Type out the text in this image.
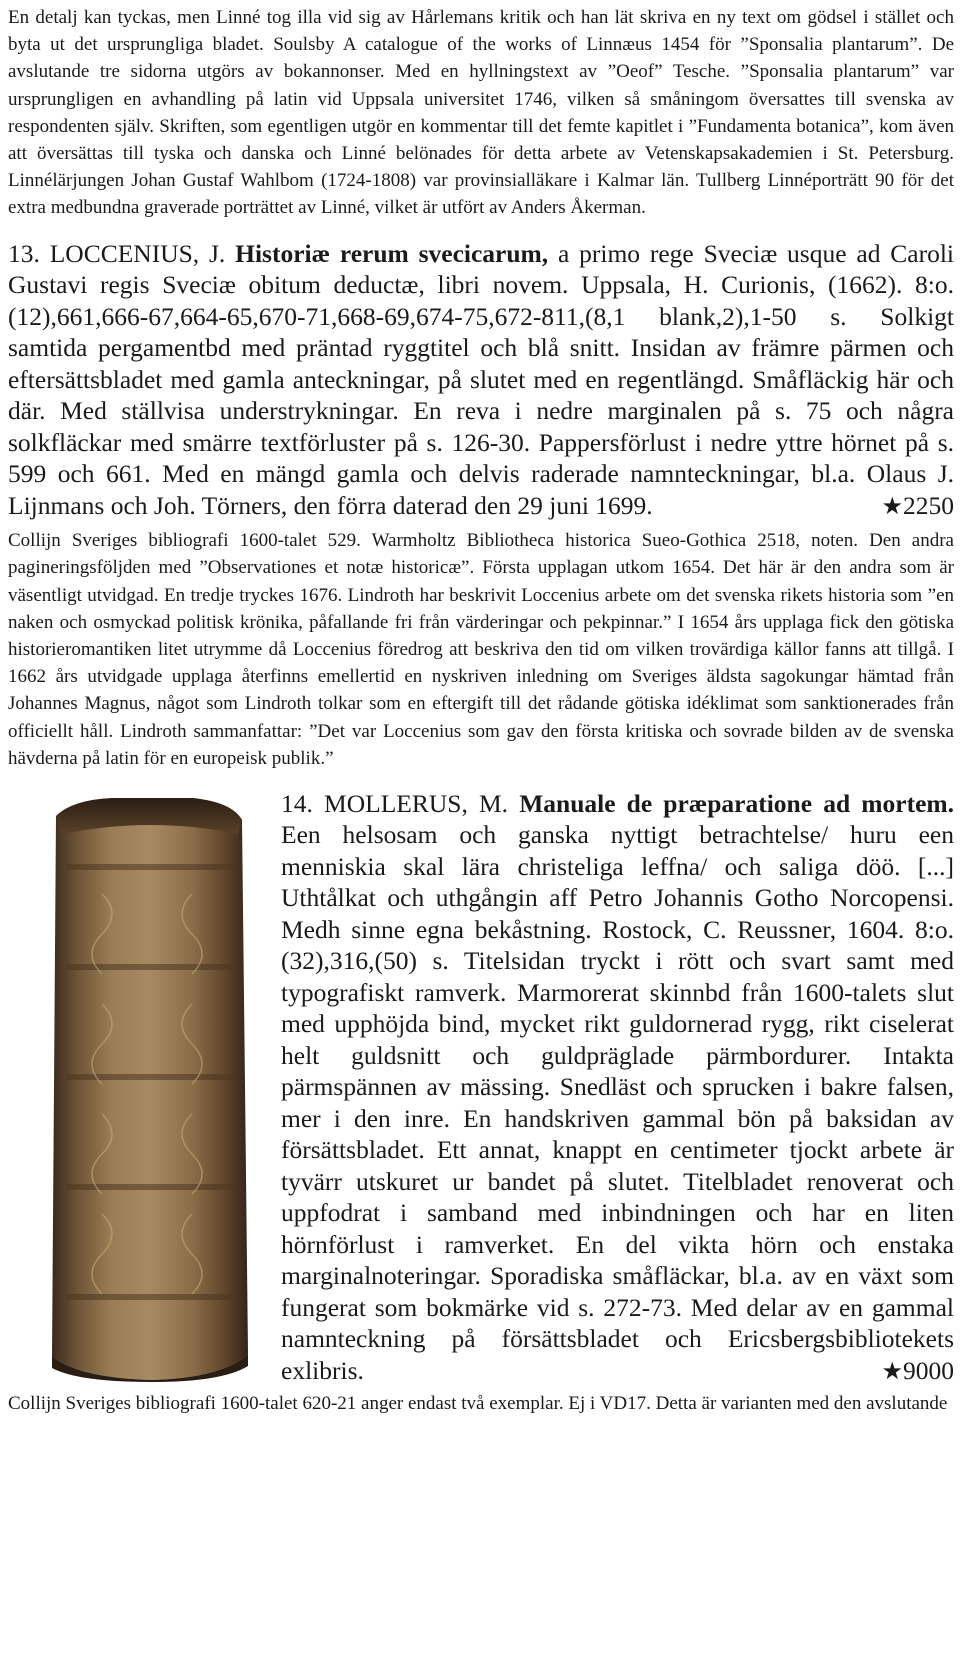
En detalj kan tyckas, men Linné tog illa vid sig av Hårlemans kritik och han lät skriva en ny text om gödsel i stället och byta ut det ursprungliga bladet. Soulsby A catalogue of the works of Linnæus 1454 för ”Sponsalia plantarum”. De avslutande tre sidorna utgörs av bokannonser. Med en hyllningstext av ”Oeof” Tesche. ”Sponsalia plantarum” var ursprungligen en avhandling på latin vid Uppsala universitet 1746, vilken så småningom översattes till svenska av respondenten själv. Skriften, som egentligen utgör en kommentar till det femte kapitlet i ”Fundamenta botanica”, kom även att översättas till tyska och danska och Linné belönades för detta arbete av Vetenskapsakademien i St. Petersburg. Linnélärjungen Johan Gustaf Wahlbom (1724-1808) var provinsialläkare i Kalmar län. Tullberg Linnéporträtt 90 för det extra medbundna graverade porträttet av Linné, vilket är utfört av Anders Åkerman.

13. LOCCENIUS, J. Historiæ rerum svecicarum, a primo rege Sveciæ usque ad Caroli Gustavi regis Sveciæ obitum deductæ, libri novem. Uppsala, H. Curionis, (1662). 8:o. (12),661,666-67,664-65,670-71,668-69,674-75,672-811,(8,1 blank,2),1-50 s. Solkigt samtida pergamentbd med präntad ryggtitel och blå snitt. Insidan av främre pärmen och eftersättsbladet med gamla anteckningar, på slutet med en regentlängd. Småfläckig här och där. Med ställvisa understrykningar. En reva i nedre marginalen på s. 75 och några solkfläckar med smärre textförluster på s. 126-30. Pappersförlust i nedre yttre hörnet på s. 599 och 661. Med en mängd gamla och delvis raderade namnteckningar, bl.a. Olaus J. Lijnmans och Joh. Törners, den förra daterad den 29 juni 1699.	★2250

Collijn Sveriges bibliografi 1600-talet 529. Warmholtz Bibliotheca historica Sueo-Gothica 2518, noten. Den andra pagineringsföljden med ”Observationes et notæ historicæ”. Första upplagan utkom 1654. Det här är den andra som är väsentligt utvidgad. En tredje tryckes 1676. Lindroth har beskrivit Loccenius arbete om det svenska rikets historia som ”en naken och osmyckad politisk krönika, påfallande fri från värderingar och pekpinnar.” I 1654 års upplaga fick den götiska historieromantiken litet utrymme då Loccenius föredrog att beskriva den tid om vilken trovärdiga källor fanns att tillgå. I 1662 års utvidgade upplaga återfinns emellertid en nyskriven inledning om Sveriges äldsta sagokungar hämtad från Johannes Magnus, något som Lindroth tolkar som en eftergift till det rådande götiska idéklimat som sanktionerades från officiellt håll. Lindroth sammanfattar: ”Det var Loccenius som gav den första kritiska och sovrade bilden av de svenska hävderna på latin för en europeisk publik.”

14. MOLLERUS, M. Manuale de præparatione ad mortem. Een helsosam och ganska nyttigt betrachtelse/ huru een menniskia skal lära christeliga leffna/ och saliga döö. [...] Uthtålkat och uthgångin aff Petro Johannis Gotho Norcopensi. Medh sinne egna bekåstning. Rostock, C. Reussner, 1604. 8:o. (32),316,(50) s. Titelsidan tryckt i rött och svart samt med typografiskt ramverk. Marmorerat skinnbd från 1600-talets slut med upphöjda bind, mycket rikt guldornerad rygg, rikt ciselerat helt guldsnitt och guldpräglade pärmbordurer. Intakta pärmspännen av mässing. Snedläst och sprucken i bakre falsen, mer i den inre. En handskriven gammal bön på baksidan av försättsbladet. Ett annat, knappt en centimeter tjockt arbete är tyvärr utskuret ur bandet på slutet. Titelbladet renoverat och uppfodrat i samband med inbindningen och har en liten hörnförlust i ramverket. En del vikta hörn och enstaka marginalnoteringar. Sporadiska småfläckar, bl.a. av en växt som fungerat som bokmärke vid s. 272-73. Med delar av en gammal namnteckning på försättsbladet och Ericsbergsbibliotekets exlibris.	★9000

Collijn Sveriges bibliografi 1600-talet 620-21 anger endast två exemplar. Ej i VD17. Detta är varianten med den avslutande
